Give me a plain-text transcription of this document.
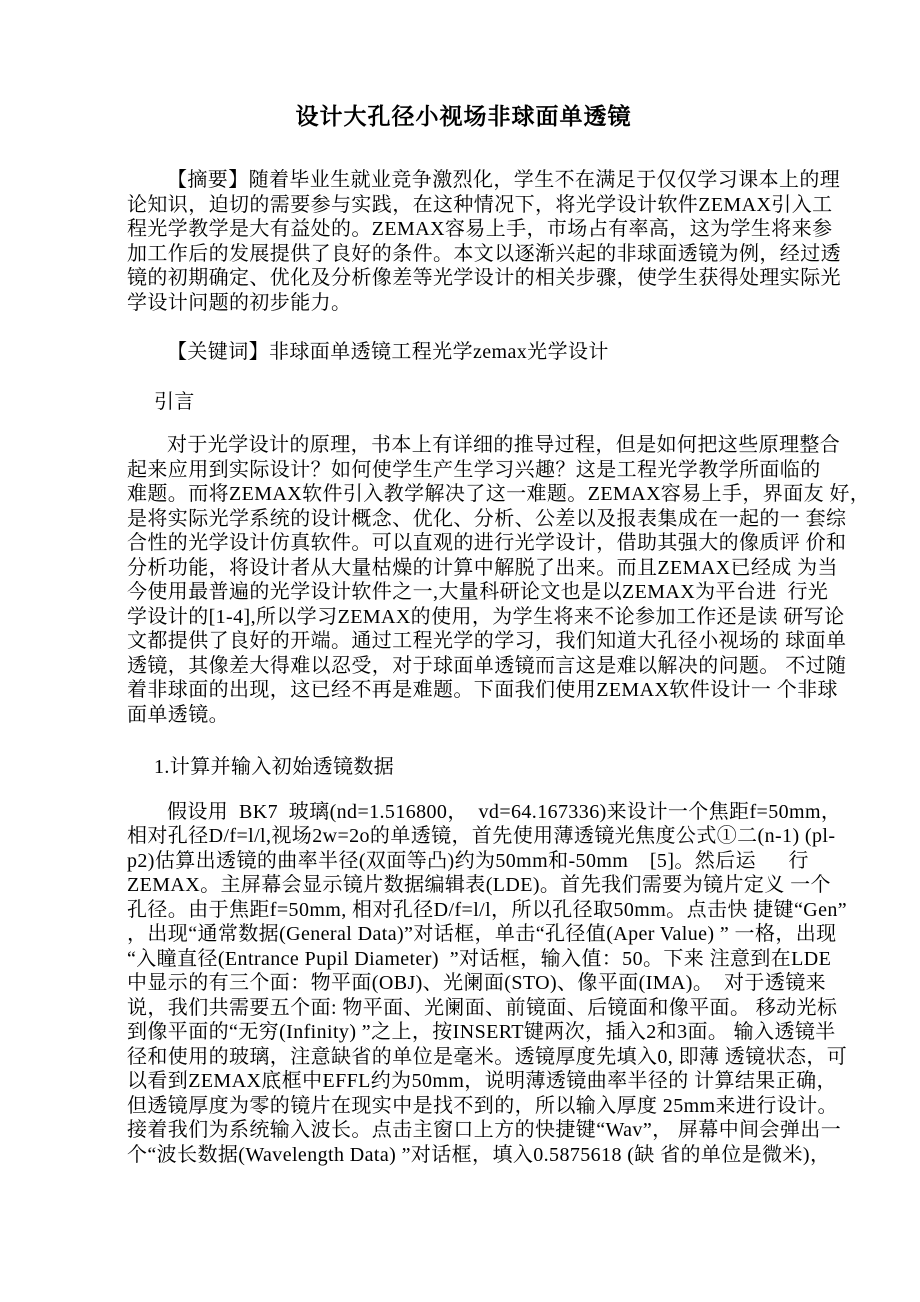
设计大孔径小视场非球面单透镜
【摘要】随着毕业生就业竞争激烈化，学生不在满足于仅仅学习课本上的理
论知识，迫切的需要参与实践，在这种情况下，将光学设计软件ZEMAX引入工
程光学教学是大有益处的。ZEMAX容易上手，市场占有率高，这为学生将来参
加工作后的发展提供了良好的条件。本文以逐渐兴起的非球面透镜为例，经过透
镜的初期确定、优化及分析像差等光学设计的相关步骤，使学生获得处理实际光
学设计问题的初步能力。
【关键词】非球面单透镜工程光学zemax光学设计
引言
对于光学设计的原理，书本上有详细的推导过程，但是如何把这些原理整合
起来应用到实际设计？如何使学生产生学习兴趣？这是工程光学教学所面临的
难题。而将ZEMAX软件引入教学解决了这一难题。ZEMAX容易上手，界面友 好，
是将实际光学系统的设计概念、优化、分析、公差以及报表集成在一起的一 套综
合性的光学设计仿真软件。可以直观的进行光学设计，借助其强大的像质评 价和
分析功能，将设计者从大量枯燥的计算中解脱了出来。而且ZEMAX已经成 为当
今使用最普遍的光学设计软件之一,大量科研论文也是以ZEMAX为平台进  行光
学设计的[1-4],所以学习ZEMAX的使用，为学生将来不论参加工作还是读 研写论
文都提供了良好的开端。通过工程光学的学习，我们知道大孔径小视场的 球面单
透镜，其像差大得难以忍受，对于球面单透镜而言这是难以解决的问题。 不过随
着非球面的出现，这已经不再是难题。下面我们使用ZEMAX软件设计一 个非球
面单透镜。
1.计算并输入初始透镜数据
假设用  BK7  玻璃(nd=1.516800，  vd=64.167336)来设计一个焦距f=50mm，
相对孔径D/f=l/l,视场2w=2o的单透镜，首先使用薄透镜光焦度公式①二(n-1) (pl-
p2)估算出透镜的曲率半径(双面等凸)约为50mm和-50mm    [5]。然后运      行
ZEMAX。主屏幕会显示镜片数据编辑表(LDE)。首先我们需要为镜片定义 一个
孔径。由于焦距f=50mm, 相对孔径D/f=l/l，所以孔径取50mm。点击快 捷键“Gen”
，出现“通常数据(General Data)”对话框，单击“孔径值(Aper Value) ” 一格，出现
“入瞳直径(Entrance Pupil Diameter)  ”对话框，输入值：50。下来 注意到在LDE
中显示的有三个面：物平面(OBJ)、光阑面(STO)、像平面(IMA)。  对于透镜来
说，我们共需要五个面: 物平面、光阑面、前镜面、后镜面和像平面。 移动光标
到像平面的“无穷(Infinity) ”之上，按INSERT键两次，插入2和3面。 输入透镜半
径和使用的玻璃，注意缺省的单位是毫米。透镜厚度先填入0, 即薄 透镜状态，可
以看到ZEMAX底框中EFFL约为50mm，说明薄透镜曲率半径的 计算结果正确，
但透镜厚度为零的镜片在现实中是找不到的，所以输入厚度 25mm来进行设计。
接着我们为系统输入波长。点击主窗口上方的快捷键“Wav”， 屏幕中间会弹出一
个“波长数据(Wavelength Data) ”对话框，填入0.5875618 (缺 省的单位是微米)，
